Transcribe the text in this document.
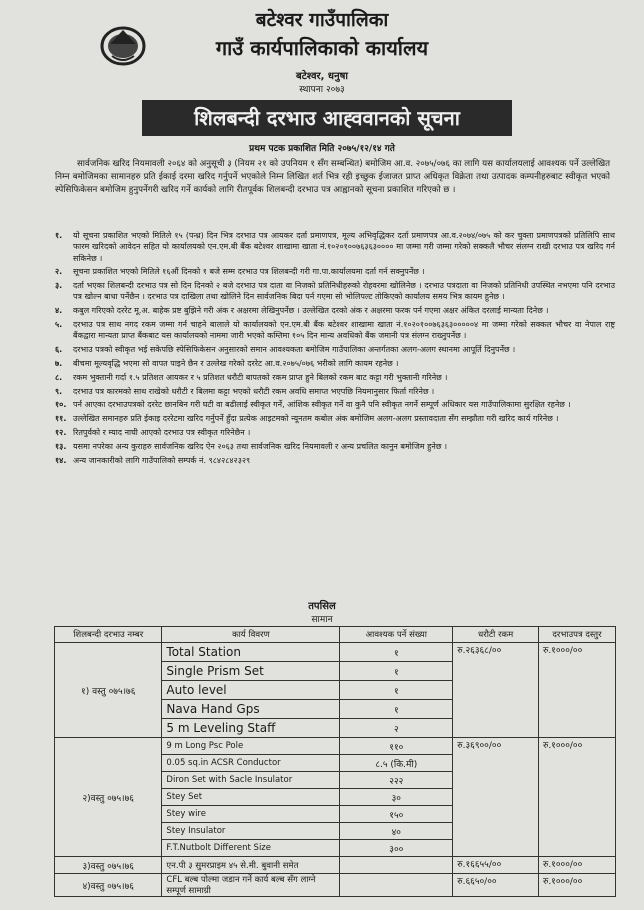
बटेश्वर गाउँपालिका
गाउँ कार्यपालिकाको कार्यालय
बटेश्वर, धनुषा
स्थापना २०७३
शिलबन्दी दरभाउ आह्‍ववानको सूचना
प्रथम पटक प्रकाशित मिति २०७५/१२/१४ गते
सार्वजनिक खरिद नियमावली २०६४ को अनुसूची ३ (नियम २१ को उपनियम १ सँग सम्बन्धित) बमोजिम आ.व. २०७५/०७६ का लागि यस कार्यालयलाई आवश्यक पर्ने उल्लेखित निम्न बमोजिमका सामानहरु प्रति ईकाई दरमा खरिद गर्नुपर्ने भएकोले निम्न लिखित शर्त भित्र रही इच्छुक ईजाजत प्राप्त अधिकृत विक्रेता तथा उत्पादक कम्पनीहरुबाट स्वीकृत भएको स्पेसिफिकेसन बमोजिम हुनुपर्नेगरी खरिद गर्ने कार्यको लागि रीतपूर्वक शिलबन्दी दरभाउ पत्र आह्वानको सूचना प्रकाशित गरिएको छ ।
१.	यो सूचना प्रकाशित भएको मितिले १५ (पन्ध्र) दिन भित्र दरभाउ पत्र आयकर दर्ता प्रमाणपत्र, मूल्य अभिवृद्धिकर दर्ता प्रमाणपत्र आ.व.२०७४/०७५ को कर चुक्ता प्रमाणपत्रको प्रतिलिपि साथ फारम खरिदको आवेदन सहित यो कार्यालयको एन.एम.बी बैंक बटेश्वर शाखामा खाता नं.१०२०१००७६३६३०००० मा जम्मा गरी जम्मा गरेको सक्कलै भौचर संलग्न राखी दरभाउ पत्र खरिद गर्न सकिनेछ ।
२.	सूचना प्रकाशित भएको मितिले १६औं दिनको १ बजे सम्म दरभाउ पत्र शिलबन्दी गरी गा.पा.कार्यालयमा दर्ता गर्न सक्नुपर्नेछ ।
३.	दर्ता भएका शिलबन्दी दरभाउ पत्र सो दिन दिनको २ बजे दरभाउ पत्र दाता वा निजको प्रतिनिधीहरुको रोहवरमा खोलिनेछ । दरभाउ पत्रदाता वा निजको प्रतिनिधी उपस्थित नभएमा पनि दरभाउ पत्र खोल्न बाधा पर्नेछैन । दरभाउ पत्र दाखिला तथा खोलिने दिन सार्वजनिक बिदा पर्न गएमा सो भोलिपल्ट तोकिएको कार्यालय समय भित्र कायम हुनेछ ।
४.	कबुल गरिएको दररेट मू.अ. बाहेक प्रष्ट बुझिने गरी अंक र अक्षरमा लेखिनुपर्नेछ । उल्लेखित दरको अंक र अक्षरमा फरक पर्न गएमा अक्षर अंकित दरलाई मान्यता दिनेछ ।
५.	दरभाउ पत्र साथ नगद रकम जम्मा गर्न चाहने बालाले यो कार्यालयको एन.एम.बी बैंक बटेश्वर शाखामा खाता नं.१०२०१००७६३६३०००००४ मा जम्मा गरेको सक्कल भौचर वा नेपाल राष्ट्र बैंकद्वारा मान्यता प्राप्त बैंकबाट यस कार्यालयको नाममा जारी भएको कम्तिमा १०५ दिन मान्य अवधिको बैंक जमानी पत्र संलग्न राख्नुपर्नेछ ।
६.	दरभाउ पत्रको स्वीकृत भई सकेपछि स्पेसिफिकेसन अनुसारको समान आवश्यकता बमोजिम गाउँपालिका अन्तर्गतका अलग-अलग स्थानमा आपूर्ति दिनुपर्नेछ ।
७.	बीचमा मूल्यवृद्धि भएमा सो वापत पाइने छैन र उल्लेख गरेको दररेट आ.व.२०७५/०७६ भरीको लागि कायम रहनेछ ।
८.	रकम भुक्तानी गर्दा १.५ प्रतिशत आयकर र ५ प्रतिशत धरौटी बापतको रकम प्राप्त हुने बिलको रकम बाट कट्टा गरी भुक्तानी गरिनेछ ।
९.	दरभाउ पत्र कारमको साथ राखेको धरौटी र बिलमा कट्टा भएको धरौटी रकम अवधि समाप्त भएपछि नियमानुसार फिर्ता गरिनेछ ।
१०. पर्न आएका दरभाउपत्रको दररेट छानबिन गरी घटी वा बढीलाई स्वीकृत गर्ने, आंशिक स्वीकृत गर्ने वा कुनै पनि स्वीकृत नगर्ने सम्पूर्ण अधिकार यस गाउँपालिकामा सुरक्षित रहनेछ ।
११. उल्लेखित समानहरु प्रति ईकाइ दररेटमा खरिद गर्नुपर्ने हुँदा प्रत्येक आइटमको न्यूनतम कबोल अंक बमोजिम अलग-अलग प्रस्तावदाता सँग सम्झौता गरी खरिद कार्य गरिनेछ ।
१२. रितपुर्वको र म्याद नाघी आएको दरभाउ पत्र स्वीकृत गरिनेछैन ।
१३. यसमा नपरेका अन्य कुराहरु सार्वजनिक खरिद ऐन २०६३ तथा सार्वजनिक खरिद नियमावली र अन्य प्रचलित कानुन बमोजिम हुनेछ ।
१४. अन्य जानकारीको लागि गाउँपालिको सम्पर्क नं. ९८४२८४२३२९
तपसिल
सामान
शिलबन्दी दरभाउ नम्बर	कार्य विवरण	आवश्यक पर्ने संख्या	धरौटी रकम	दरभाउपत्र दस्तुर
१) वस्तु ०७५।७६	Total Station	१	रु.२६३६८/००	रु.१०००/००
	Single Prism Set	१		
	Auto level	१		
	Nava Hand Gps	१		
	5 m Leveling Staff	२		
२)वस्तु ०७५।७६	9 m Long Psc Pole	११०	रु.३६९००/००	रु.१०००/००
	0.05 sq.in ACSR Conductor	८.५ (कि.मी)		
	Diron Set with Sacle Insulator	२२२		
	Stey Set	३०		
	Stey wire	१५०		
	Stey Insulator	४०		
	F.T.Nutbolt Different Size	३००		
३)वस्तु ०७५।७६	एन.पी ३ सुमरप्राइम ४५ से.मी. बुवानी समेत		रु.१६६५५/००	रु.१०००/००
४)वस्तु ०७५।७६	CFL बल्ब पोल्मा जडान गर्ने कार्य बल्ब सँग लाग्ने सम्पूर्ण सामाग्री		रु.६६५०/००	रु.१०००/००
